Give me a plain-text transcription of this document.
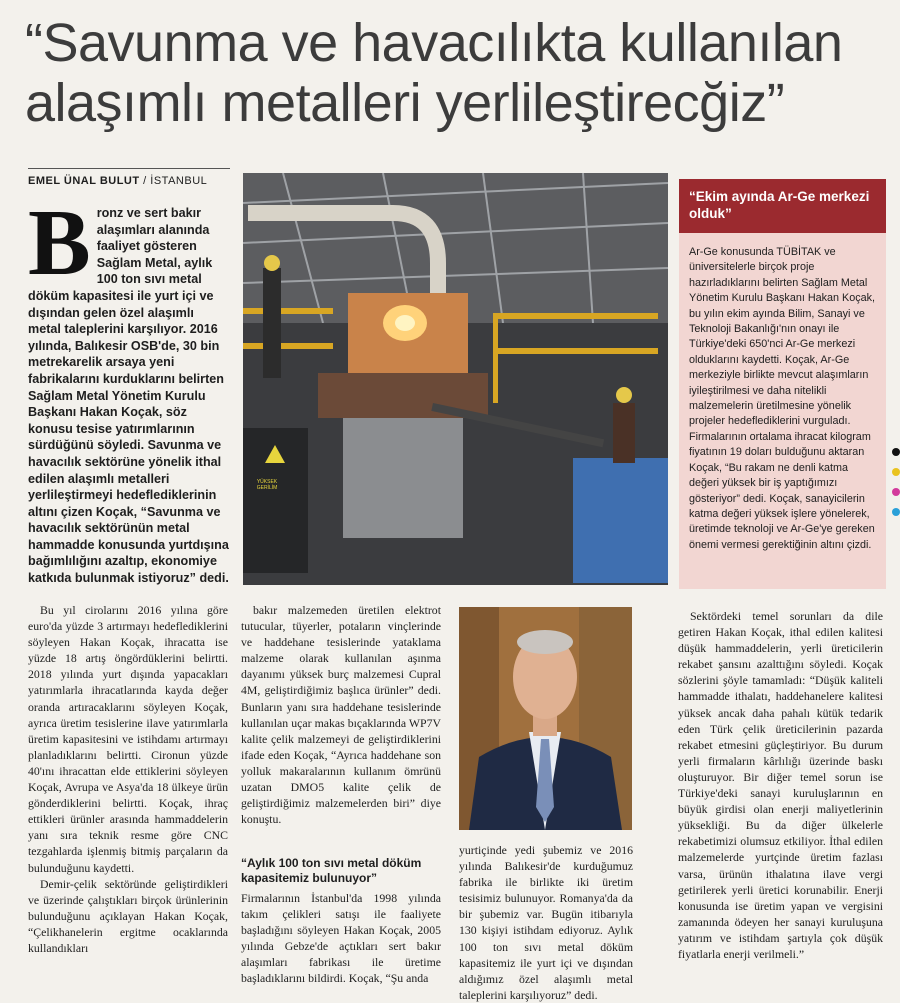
“Savunma ve havacılıkta kullanılan
alaşımlı metalleri yerlileştirecğiz”
EMEL ÜNAL BULUT / İSTANBUL

B ronz ve sert bakır alaşımları alanında faaliyet gösteren Sağlam Metal, aylık 100 ton sıvı metal döküm kapasitesi ile yurt içi ve dışından gelen özel alaşımlı metal taleplerini karşılıyor. 2016 yılında, Balıkesir OSB'de, 30 bin metrekarelik arsaya yeni fabrikalarını kurduklarını belirten Sağlam Metal Yönetim Kurulu Başkanı Hakan Koçak, söz konusu tesise yatırımlarının sürdüğünü söyledi. Savunma ve havacılık sektörüne yönelik ithal edilen alaşımlı metalleri yerlileştirmeyi hedeflediklerinin altını çizen Koçak, “Savunma ve havacılık sektörünün metal hammadde konusunda yurtdışına bağımlılığını azaltıp, ekonomiye katkıda bulunmak istiyoruz” dedi.

YÜKSEK GERİLİM
“Ekim ayında Ar-Ge merkezi olduk”

Ar-Ge konusunda TÜBİTAK ve üniversitelerle birçok proje hazırladıklarını belirten Sağlam Metal Yönetim Kurulu Başkanı Hakan Koçak, bu yılın ekim ayında Bilim, Sanayi ve Teknoloji Bakanlığı'nın onayı ile Türkiye'deki 650'nci Ar-Ge merkezi olduklarını kaydetti. Koçak, Ar-Ge merkeziyle birlikte mevcut alaşımların iyileştirilmesi ve daha nitelikli malzemelerin üretilmesine yönelik projeler hedeflediklerini vurguladı. Firmalarının ortalama ihracat kilogram fiyatının 19 doları bulduğunu aktaran Koçak, “Bu rakam ne denli katma değeri yüksek bir iş yaptığımızı gösteriyor” dedi. Koçak, sanayicilerin katma değeri yüksek işlere yönelerek, üretimde teknoloji ve Ar-Ge'ye gereken önemi vermesi gerektiğinin altını çizdi.

Bu yıl cirolarını 2016 yılına göre euro'da yüzde 3 artırmayı hedeflediklerini söyleyen Hakan Koçak, ihracatta ise yüzde 18 artış öngördüklerini belirtti. 2018 yılında yurt dışında yapacakları yatırımlarla ihracatlarında kayda değer oranda artıracaklarını söyleyen Koçak, ayrıca üretim tesislerine ilave yatırımlarla üretim kapasitesini ve istihdamı artırmayı planladıklarını belirtti. Cironun yüzde 40'ını ihracattan elde ettiklerini söyleyen Koçak, Avrupa ve Asya'da 18 ülkeye ürün gönderdiklerini belirtti. Koçak, ihraç ettikleri ürünler arasında hammaddelerin yanı sıra teknik resme göre CNC tezgahlarda işlenmiş bitmiş parçaların da bulunduğunu kaydetti.

Demir-çelik sektöründe geliştirdikleri ve üzerinde çalıştıkları birçok ürünlerinin bulunduğunu açıklayan Hakan Koçak, “Çelikhanelerin ergitme ocaklarında kullandıkları

bakır malzemeden üretilen elektrot tutucular, tüyerler, potaların vinçlerinde ve haddehane tesislerinde yataklama malzeme olarak kullanılan aşınma dayanımı yüksek burç malzemesi Cupral 4M, geliştirdiğimiz başlıca ürünler” dedi. Bunların yanı sıra haddehane tesislerinde kullanılan uçar makas bıçaklarında WP7V kalite çelik malzemeyi de geliştirdiklerini ifade eden Koçak, “Ayrıca haddehane son yolluk makaralarının kullanım ömrünü uzatan DMO5 kalite çelik de geliştirdiğimiz malzemelerden biri” diye konuştu.

“Aylık 100 ton sıvı metal döküm kapasitemiz bulunuyor”

Firmalarının İstanbul'da 1998 yılında takım çelikleri satışı ile faaliyete başladığını söyleyen Hakan Koçak, 2005 yılında Gebze'de açtıkları sert bakır alaşımları fabrikası ile üretime başladıklarını bildirdi. Koçak, “Şu anda

yurtiçinde yedi şubemiz ve 2016 yılında Balıkesir'de kurduğumuz fabrika ile birlikte iki üretim tesisimiz bulunuyor. Romanya'da da bir şubemiz var. Bugün itibarıyla 130 kişiyi istihdam ediyoruz. Aylık 100 ton sıvı metal döküm kapasitemiz ile yurt içi ve dışından aldığımız özel alaşımlı metal taleplerini karşılıyoruz” dedi.

Sektördeki temel sorunları da dile getiren Hakan Koçak, ithal edilen kalitesi düşük hammaddelerin, yerli üreticilerin rekabet şansını azalttığını söyledi. Koçak sözlerini şöyle tamamladı: “Düşük kaliteli hammadde ithalatı, haddehanelere kalitesi yüksek ancak daha pahalı kütük tedarik eden Türk çelik üreticilerinin pazarda rekabet etmesini güçleştiriyor. Bu durum yerli firmaların kârlılığı üzerinde baskı oluşturuyor. Bir diğer temel sorun ise Türkiye'deki sanayi kuruluşlarının en büyük girdisi olan enerji maliyetlerinin yüksekliği. Bu da diğer ülkelerle rekabetimizi olumsuz etkiliyor. İthal edilen malzemelerde yurtçinde üretim fazlası varsa, ürünün ithalatına ilave vergi getirilerek yerli üretici korunabilir. Enerji konusunda ise üretim yapan ve vergisini zamanında ödeyen her sanayi kuruluşuna yatırım ve istihdam şartıyla çok düşük fiyatlarla enerji verilmeli.”
